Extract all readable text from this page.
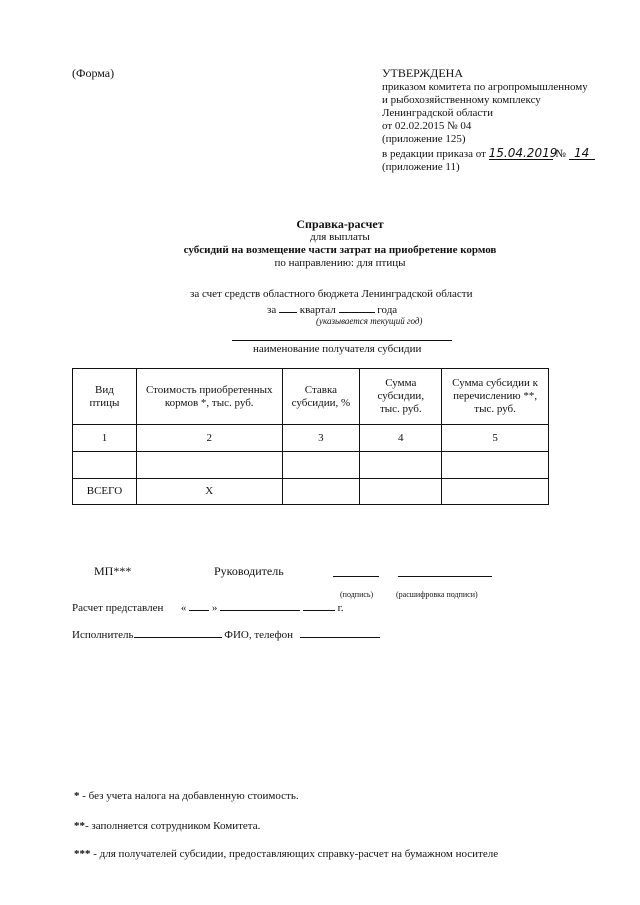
(Форма)	УТВЕРЖДЕНА
приказом комитета по агропромышленному
и рыбохозяйственному комплексу
Ленинградской области
от 02.02.2015 № 04
(приложение 125)
в редакции приказа от 15.04.2019 № 14
(приложение 11)
Справка-расчет
для выплаты
субсидий на возмещение части затрат на приобретение кормов
по направлению: для птицы
за счет средств областного бюджета Ленинградской области
за квартал	года
(указывается текущий год)
наименование получателя субсидии
Вид птицы	Стоимость приобретенных кормов *, тыс. руб.	Ставка субсидии, %	Сумма субсидии, тыс. руб.	Сумма субсидии к перечислению **, тыс. руб.
1	2	3	4	5

ВСЕГО	X			
МП***	Руководитель
(подпись)	(расшифровка подписи)
Расчет представлен « »	г.
Исполнитель	ФИО, телефон
* - без учета налога на добавленную стоимость.
**- заполняется сотрудником Комитета.
*** - для получателей субсидии, предоставляющих справку-расчет на бумажном носителе
